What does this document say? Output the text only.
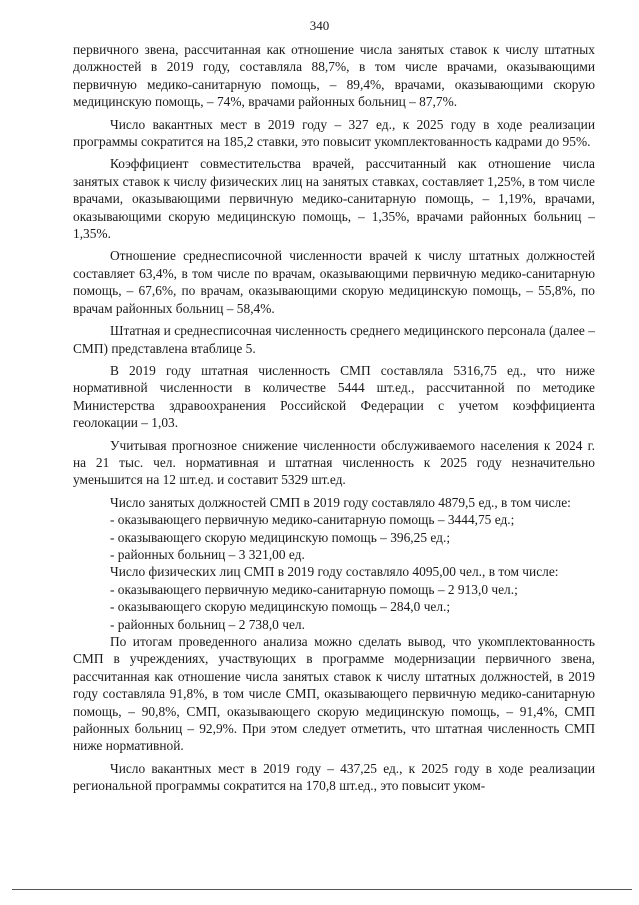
340

первичного звена, рассчитанная как отношение числа занятых ставок к числу штатных должностей в 2019 году, составляла 88,7%, в том числе врачами, оказывающими первичную медико-санитарную помощь, – 89,4%, врачами, оказывающими скорую медицинскую помощь, – 74%, врачами районных больниц – 87,7%.

Число вакантных мест в 2019 году – 327 ед., к 2025 году в ходе реализации программы сократится на 185,2 ставки, это повысит укомплектованность кадрами до 95%.

Коэффициент совместительства врачей, рассчитанный как отношение числа занятых ставок к числу физических лиц на занятых ставках, составляет 1,25%, в том числе врачами, оказывающими первичную медико-санитарную помощь, – 1,19%, врачами, оказывающими скорую медицинскую помощь, – 1,35%, врачами районных больниц – 1,35%.

Отношение среднесписочной численности врачей к числу штатных должностей составляет 63,4%, в том числе по врачам, оказывающими первичную медико-санитарную помощь, – 67,6%, по врачам, оказывающими скорую медицинскую помощь, – 55,8%, по врачам районных больниц – 58,4%.

Штатная и среднесписочная численность среднего медицинского персонала (далее – СМП) представлена втаблице 5.

В 2019 году штатная численность СМП составляла 5316,75 ед., что ниже нормативной численности в количестве 5444 шт.ед., рассчитанной по методике Министерства здравоохранения Российской Федерации с учетом коэффициента геолокации – 1,03.

Учитывая прогнозное снижение численности обслуживаемого населения к 2024 г. на 21 тыс. чел. нормативная и штатная численность к 2025 году незначительно уменьшится на 12 шт.ед. и составит 5329 шт.ед.

Число занятых должностей СМП в 2019 году составляло 4879,5 ед., в том числе:

- оказывающего первичную медико-санитарную помощь – 3444,75 ед.;

- оказывающего скорую медицинскую помощь – 396,25 ед.;

- районных больниц – 3 321,00 ед.

Число физических лиц СМП в 2019 году составляло 4095,00 чел., в том числе:

- оказывающего первичную медико-санитарную помощь – 2 913,0 чел.;

- оказывающего скорую медицинскую помощь – 284,0 чел.;

- районных больниц – 2 738,0 чел.

По итогам проведенного анализа можно сделать вывод, что укомплектованность СМП в учреждениях, участвующих в программе модернизации первичного звена, рассчитанная как отношение числа занятых ставок к числу штатных должностей, в 2019 году составляла 91,8%, в том числе СМП, оказывающего первичную медико-санитарную помощь, – 90,8%, СМП, оказывающего скорую медицинскую помощь, – 91,4%, СМП районных больниц – 92,9%. При этом следует отметить, что штатная численность СМП ниже нормативной.

Число вакантных мест в 2019 году – 437,25 ед., к 2025 году в ходе реализации региональной программы сократится на 170,8 шт.ед., это повысит уком-
